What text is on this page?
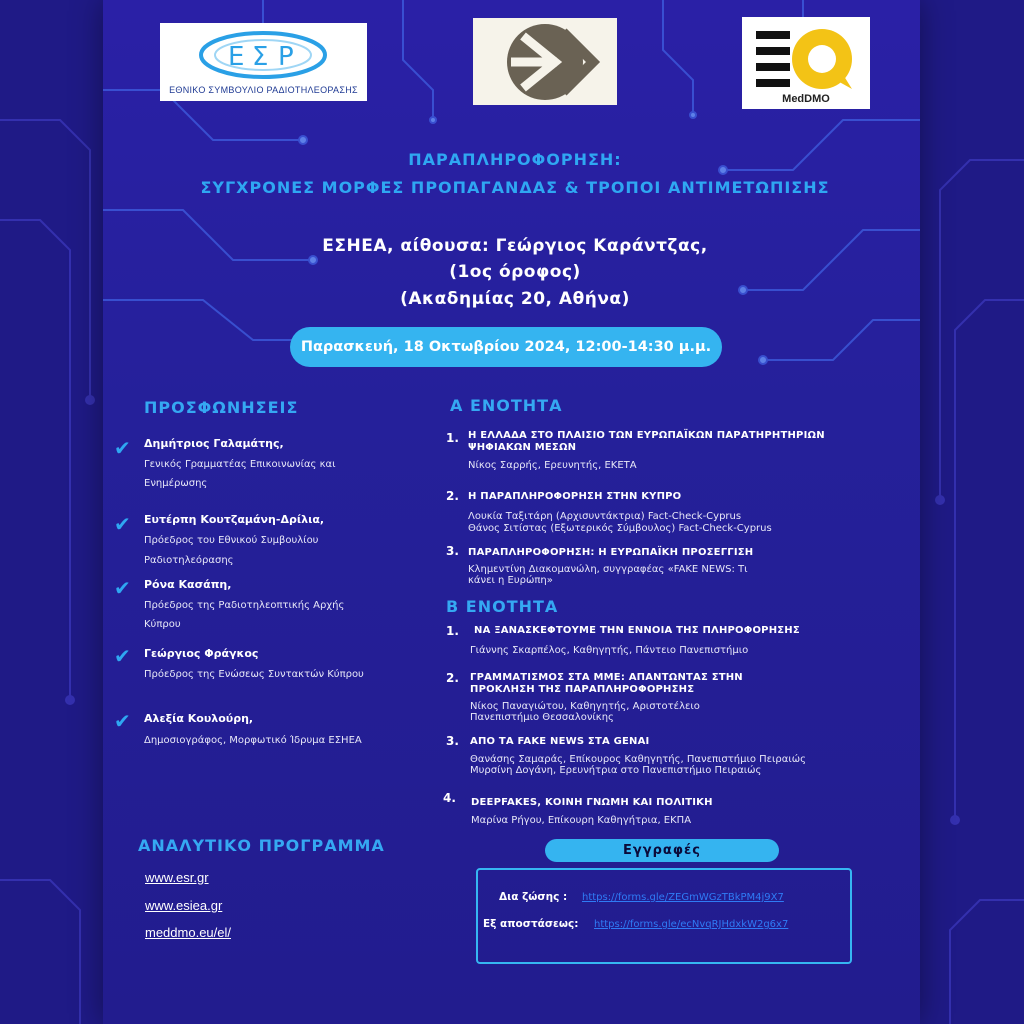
Ε Σ Ρ
ΕΘΝΙΚΟ ΣΥΜΒΟΥΛΙΟ ΡΑΔΙΟΤΗΛΕΟΡΑΣΗΣ
MedDMO
ΠΑΡΑΠΛΗΡΟΦΟΡΗΣΗ:
ΣΥΓΧΡΟΝΕΣ ΜΟΡΦΕΣ ΠΡΟΠΑΓΑΝΔΑΣ & ΤΡΟΠΟΙ ΑΝΤΙΜΕΤΩΠΙΣΗΣ
ΕΣΗΕΑ, αίθουσα: Γεώργιος Καράντζας,
(1ος όροφος)
(Ακαδημίας 20, Αθήνα)
Παρασκευή, 18 Οκτωβρίου 2024, 12:00-14:30 μ.μ.
ΠΡΟΣΦΩΝΗΣΕΙΣ
✔ Δημήτριος Γαλαμάτης,
Γενικός Γραμματέας Επικοινωνίας και
Ενημέρωσης
✔ Ευτέρπη Κουτζαμάνη-Δρίλια,
Πρόεδρος του Εθνικού Συμβουλίου
Ραδιοτηλεόρασης
✔ Ρόνα Κασάπη,
Πρόεδρος της Ραδιοτηλεοπτικής Αρχής
Κύπρου
✔ Γεώργιος Φράγκος
Πρόεδρος της Ενώσεως Συντακτών Κύπρου
✔ Αλεξία Κουλούρη,
Δημοσιογράφος, Μορφωτικό Ίδρυμα ΕΣΗΕΑ
Α ΕΝΟΤΗΤΑ
1. Η ΕΛΛΑΔΑ ΣΤΟ ΠΛΑΙΣΙΟ ΤΩΝ ΕΥΡΩΠΑΪΚΩΝ ΠΑΡΑΤΗΡΗΤΗΡΙΩΝ
ΨΗΦΙΑΚΩΝ ΜΕΣΩΝ
Νίκος Σαρρής, Ερευνητής, ΕΚΕΤΑ
2. Η ΠΑΡΑΠΛΗΡΟΦΟΡΗΣΗ ΣΤΗΝ ΚΥΠΡΟ
Λουκία Ταξιτάρη (Αρχισυντάκτρια) Fact-Check-Cyprus
Θάνος Σιτίστας (Εξωτερικός Σύμβουλος) Fact-Check-Cyprus
3. ΠΑΡΑΠΛΗΡΟΦΟΡΗΣΗ: Η ΕΥΡΩΠΑΪΚΗ ΠΡΟΣΕΓΓΙΣΗ
Κλημεντίνη Διακομανώλη, συγγραφέας «FAKE NEWS: Τι
κάνει η Ευρώπη»
Β ΕΝΟΤΗΤΑ
1. ΝΑ ΞΑΝΑΣΚΕΦΤΟΥΜΕ ΤΗΝ ΕΝΝΟΙΑ ΤΗΣ ΠΛΗΡΟΦΟΡΗΣΗΣ
Γιάννης Σκαρπέλος, Καθηγητής, Πάντειο Πανεπιστήμιο
2. ΓΡΑΜΜΑΤΙΣΜΟΣ ΣΤΑ ΜΜΕ: ΑΠΑΝΤΩΝΤΑΣ ΣΤΗΝ
ΠΡΟΚΛΗΣΗ ΤΗΣ ΠΑΡΑΠΛΗΡΟΦΟΡΗΣΗΣ
Νίκος Παναγιώτου, Καθηγητής, Αριστοτέλειο
Πανεπιστήμιο Θεσσαλονίκης
3. ΑΠΟ ΤΑ FAKE NEWS ΣΤΑ GENAI
Θανάσης Σαμαράς, Επίκουρος Καθηγητής, Πανεπιστήμιο Πειραιώς
Μυρσίνη Δογάνη, Ερευνήτρια στο Πανεπιστήμιο Πειραιώς
4. DEEPFAKES, ΚΟΙΝΗ ΓΝΩΜΗ ΚΑΙ ΠΟΛΙΤΙΚΗ
Μαρίνα Ρήγου, Επίκουρη Καθηγήτρια, ΕΚΠΑ
ΑΝΑΛΥΤΙΚΟ ΠΡΟΓΡΑΜΜΑ
www.esr.gr
www.esiea.gr
meddmo.eu/el/
Εγγραφές
Δια ζώσης : https://forms.gle/ZEGmWGzTBkPM4j9X7
Εξ αποστάσεως: https://forms.gle/ecNvqRJHdxkW2g6x7
